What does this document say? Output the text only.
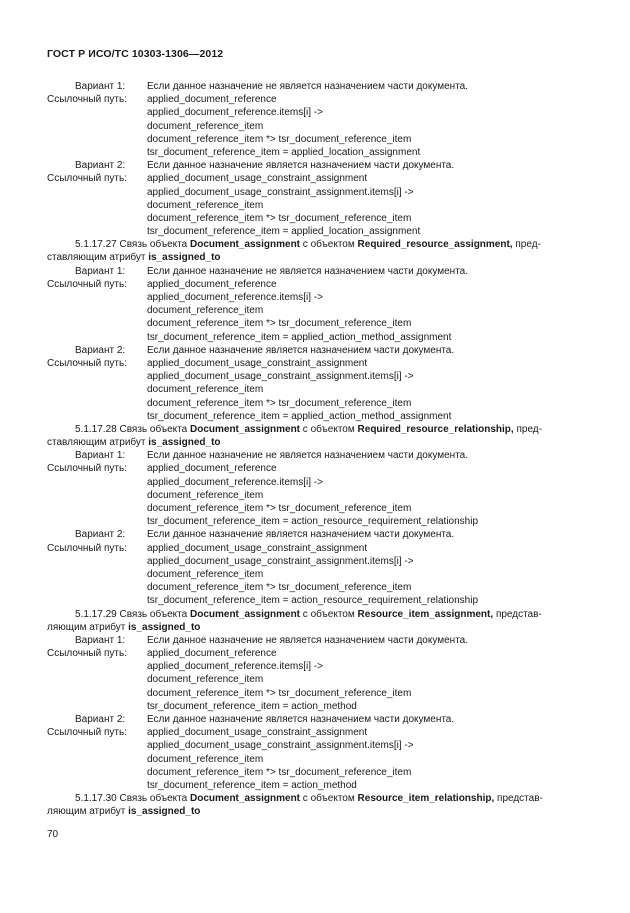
ГОСТ Р ИСО/ТС 10303-1306—2012
Вариант 1: Если данное назначение не является назначением части документа.
Ссылочный путь: applied_document_reference
applied_document_reference.items[i] ->
document_reference_item
document_reference_item *> tsr_document_reference_item
tsr_document_reference_item = applied_location_assignment
Вариант 2: Если данное назначение является назначением части документа.
Ссылочный путь: applied_document_usage_constraint_assignment
applied_document_usage_constraint_assignment.items[i] ->
document_reference_item
document_reference_item *> tsr_document_reference_item
tsr_document_reference_item = applied_location_assignment
5.1.17.27 Связь объекта Document_assignment с объектом Required_resource_assignment, пред-
ставляющим атрибут is_assigned_to
Вариант 1: Если данное назначение не является назначением части документа.
Ссылочный путь: applied_document_reference
applied_document_reference.items[i] ->
document_reference_item
document_reference_item *> tsr_document_reference_item
tsr_document_reference_item = applied_action_method_assignment
Вариант 2: Если данное назначение является назначением части документа.
Ссылочный путь: applied_document_usage_constraint_assignment
applied_document_usage_constraint_assignment.items[i] ->
document_reference_item
document_reference_item *> tsr_document_reference_item
tsr_document_reference_item = applied_action_method_assignment
5.1.17.28 Связь объекта Document_assignment с объектом Required_resource_relationship, пред-
ставляющим атрибут is_assigned_to
Вариант 1: Если данное назначение не является назначением части документа.
Ссылочный путь: applied_document_reference
applied_document_reference.items[i] ->
document_reference_item
document_reference_item *> tsr_document_reference_item
tsr_document_reference_item = action_resource_requirement_relationship
Вариант 2: Если данное назначение является назначением части документа.
Ссылочный путь: applied_document_usage_constraint_assignment
applied_document_usage_constraint_assignment.items[i] ->
document_reference_item
document_reference_item *> tsr_document_reference_item
tsr_document_reference_item = action_resource_requirement_relationship
5.1.17.29 Связь объекта Document_assignment с объектом Resource_item_assignment, представ-
ляющим атрибут is_assigned_to
Вариант 1: Если данное назначение не является назначением части документа.
Ссылочный путь: applied_document_reference
applied_document_reference.items[i] ->
document_reference_item
document_reference_item *> tsr_document_reference_item
tsr_document_reference_item = action_method
Вариант 2: Если данное назначение является назначением части документа.
Ссылочный путь: applied_document_usage_constraint_assignment
applied_document_usage_constraint_assignment.items[i] ->
document_reference_item
document_reference_item *> tsr_document_reference_item
tsr_document_reference_item = action_method
5.1.17.30 Связь объекта Document_assignment с объектом Resource_item_relationship, представ-
ляющим атрибут is_assigned_to
70
